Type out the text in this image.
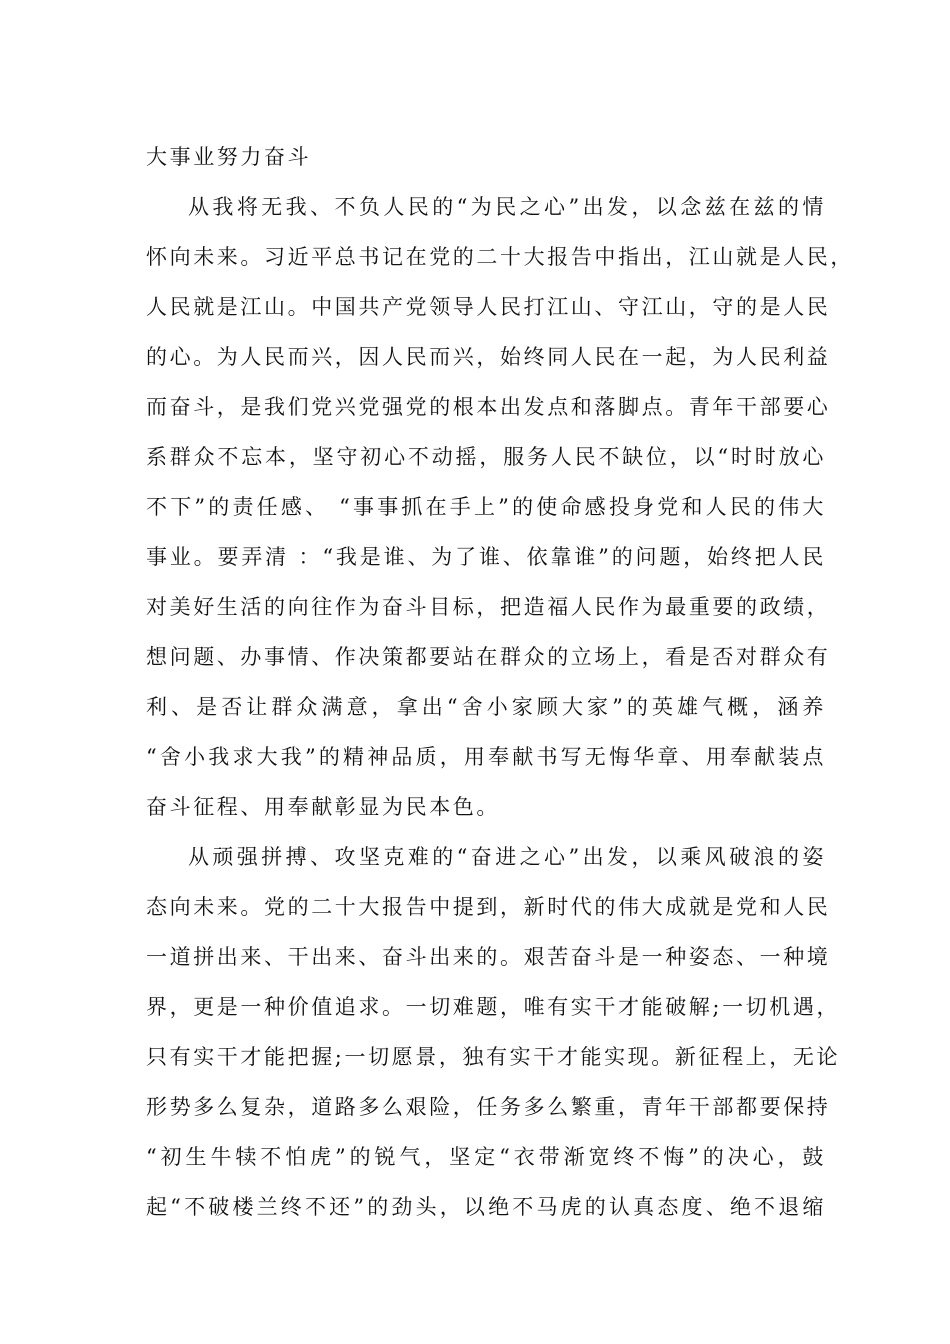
大事业努力奋斗
从我将无我、不负人民的“为民之心”出发，以念兹在兹的情
怀向未来。习近平总书记在党的二十大报告中指出，江山就是人民，
人民就是江山。中国共产党领导人民打江山、守江山，守的是人民
的心。为人民而兴，因人民而兴，始终同人民在一起，为人民利益
而奋斗，是我们党兴党强党的根本出发点和落脚点。青年干部要心
系群众不忘本，坚守初心不动摇，服务人民不缺位，以“时时放心
不下”的责任感、 “事事抓在手上”的使命感投身党和人民的伟大
事业。要弄清 ：“我是谁、为了谁、依靠谁”的问题，始终把人民
对美好生活的向往作为奋斗目标，把造福人民作为最重要的政绩，
想问题、办事情、作决策都要站在群众的立场上，看是否对群众有
利、是否让群众满意，拿出“舍小家顾大家”的英雄气概，涵养
“舍小我求大我”的精神品质，用奉献书写无悔华章、用奉献装点
奋斗征程、用奉献彰显为民本色。
从顽强拼搏、攻坚克难的“奋进之心”出发，以乘风破浪的姿
态向未来。党的二十大报告中提到，新时代的伟大成就是党和人民
一道拼出来、干出来、奋斗出来的。艰苦奋斗是一种姿态、一种境
界，更是一种价值追求。一切难题，唯有实干才能破解;一切机遇，
只有实干才能把握;一切愿景，独有实干才能实现。新征程上，无论
形势多么复杂，道路多么艰险，任务多么繁重，青年干部都要保持
“初生牛犊不怕虎”的锐气，坚定“衣带渐宽终不悔”的决心，鼓
起“不破楼兰终不还”的劲头，以绝不马虎的认真态度、绝不退缩
